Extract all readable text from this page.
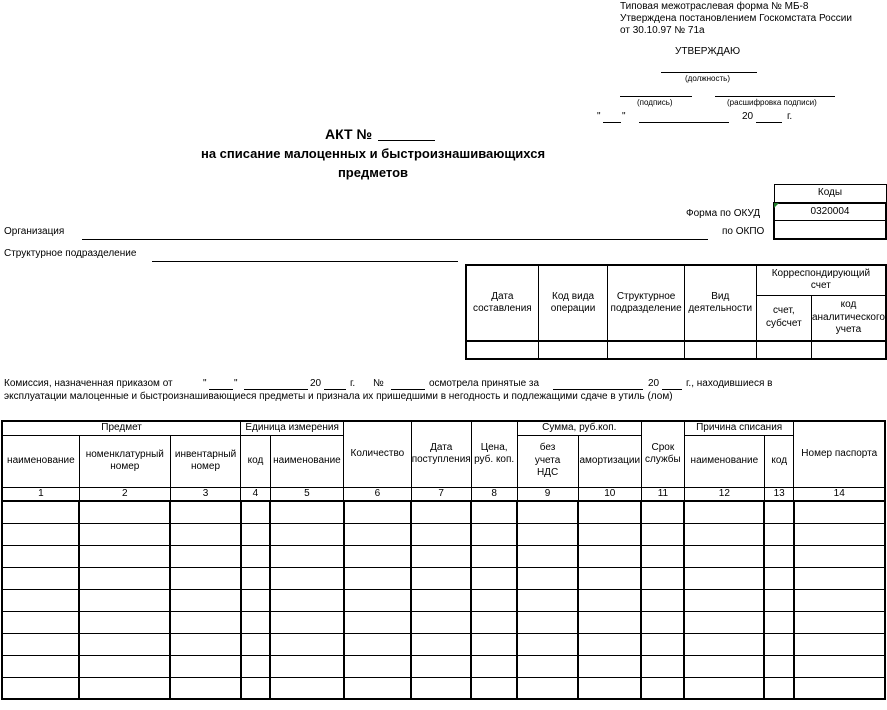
Типовая межотраслевая форма № МБ-8
Утверждена постановлением Госкомстата России
от 30.10.97 № 71а
УТВЕРЖДАЮ
(должность)
(подпись)	(расшифровка подписи)
" "	20	г.
АКТ №
на списание малоценных и быстроизнашивающихся
предметов
Коды
0320004

Форма по ОКУД
по ОКПО
Организация
Структурное подразделение
Дата составления	Код вида операции	Структурное подразделение	Вид деятельности	Корреспондирующий счет	
				счет, субсчет	код аналитического учета

Комиссия, назначенная приказом от	"	"	20	г. №	осмотрела принятые за	20	г., находившиеся в
эксплуатации малоценные и быстроизнашивающиеся предметы и признала их пришедшими в негодность и подлежащими сдаче в утиль (лом)
Предмет			Единица измерения		Количество	Дата поступления	Цена, руб. коп.	Сумма, руб.коп.		Срок службы	Причина списания		Номер паспорта
наименование	номенклатурный номер	инвентарный номер	код	наименование				без учета НДС	амортизации		наименование	код	
1	2	3	4	5	6	7	8	9	10	11	12	13	14
